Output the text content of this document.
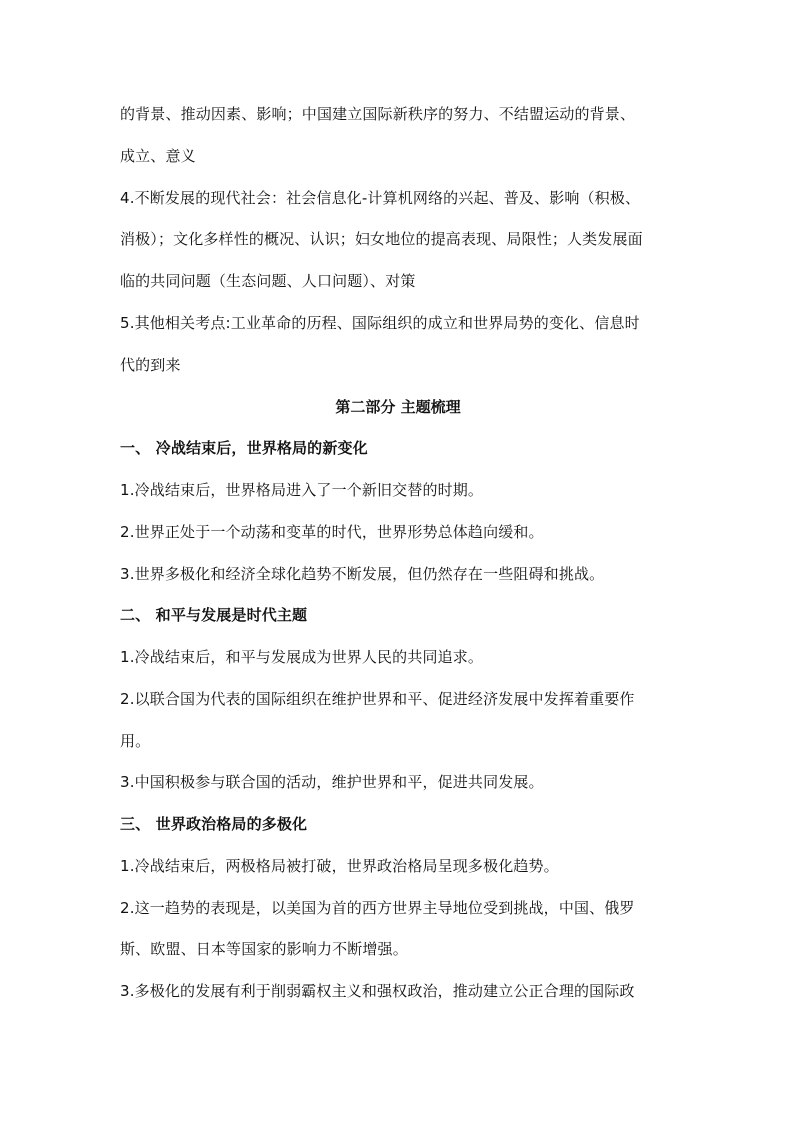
的背景、推动因素、影响；中国建立国际新秩序的努力、不结盟运动的背景、
成立、意义
4.不断发展的现代社会：社会信息化-计算机网络的兴起、普及、影响（积极、
消极）；文化多样性的概况、认识；妇女地位的提高表现、局限性；人类发展面
临的共同问题（生态问题、人口问题）、对策
5.其他相关考点:工业革命的历程、国际组织的成立和世界局势的变化、信息时
代的到来
第二部分 主题梳理
一、 冷战结束后，世界格局的新变化
1.冷战结束后，世界格局进入了一个新旧交替的时期。
2.世界正处于一个动荡和变革的时代，世界形势总体趋向缓和。
3.世界多极化和经济全球化趋势不断发展，但仍然存在一些阻碍和挑战。
二、 和平与发展是时代主题
1.冷战结束后，和平与发展成为世界人民的共同追求。
2.以联合国为代表的国际组织在维护世界和平、促进经济发展中发挥着重要作
用。
3.中国积极参与联合国的活动，维护世界和平，促进共同发展。
三、 世界政治格局的多极化
1.冷战结束后，两极格局被打破，世界政治格局呈现多极化趋势。
2.这一趋势的表现是，以美国为首的西方世界主导地位受到挑战，中国、俄罗
斯、欧盟、日本等国家的影响力不断增强。
3.多极化的发展有利于削弱霸权主义和强权政治，推动建立公正合理的国际政
